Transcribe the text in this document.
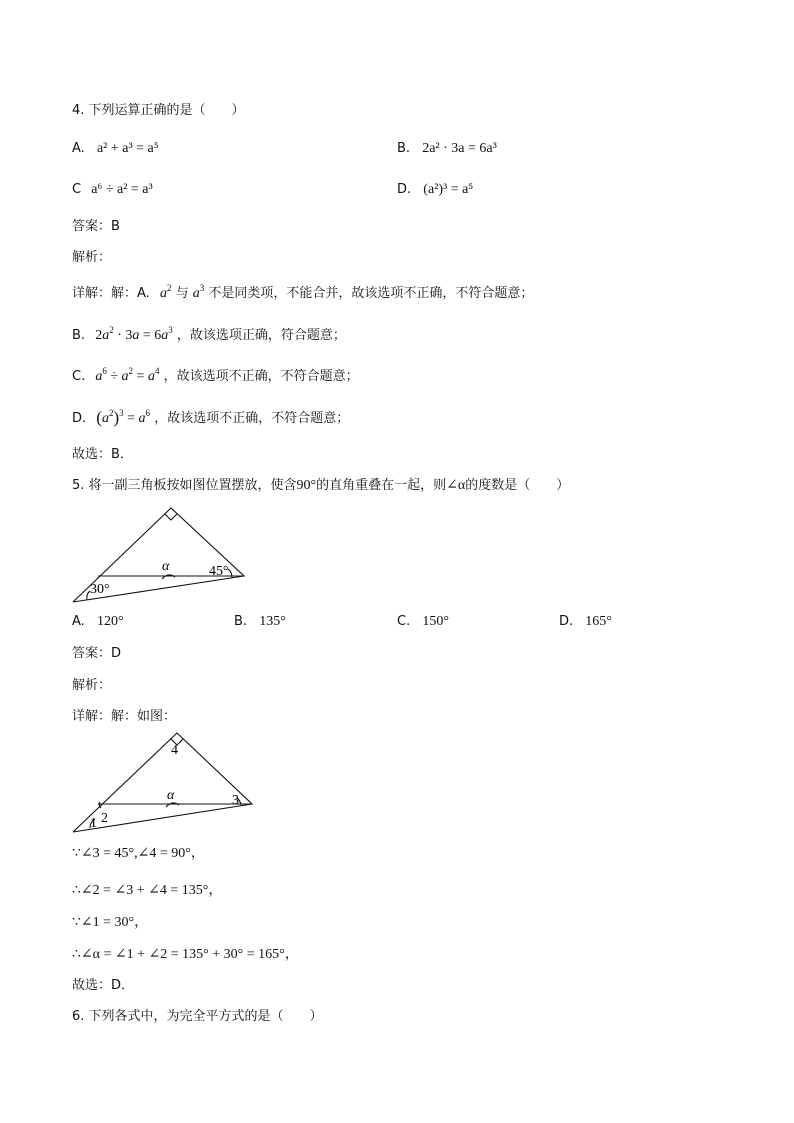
4. 下列运算正确的是（　　）
A. a² + a³ = a⁵	B. 2a² · 3a = 6a³
C a⁶ ÷ a² = a³	D. (a²)³ = a⁵
答案：B
解析：
详解：解：A. $a^2$ 与 $a^3$ 不是同类项，不能合并，故该选项不正确，不符合题意；
B. $2a^2 \cdot 3a = 6a^3$ ，故该选项正确，符合题意；
C. $a^6 \div a^2 = a^4$ ，故该选项不正确，不符合题意；
D. $(a^2)^3 = a^6$ ，故该选项不正确，不符合题意；
故选：B．
5. 将一副三角板按如图位置摆放，使含90°的直角重叠在一起，则∠α的度数是（　　）
α	45°
30°
A. 120°	B. 135°	C. 150°	D. 165°
答案：D
解析：
详解：解：如图：
4
α	3
1 2
∵∠3 = 45°,∠4 = 90°，
∴∠2 = ∠3 + ∠4 = 135°，
∵∠1 = 30°，
∴∠α = ∠1 + ∠2 = 135° + 30° = 165°，
故选：D．
6. 下列各式中，为完全平方式的是（　　）
